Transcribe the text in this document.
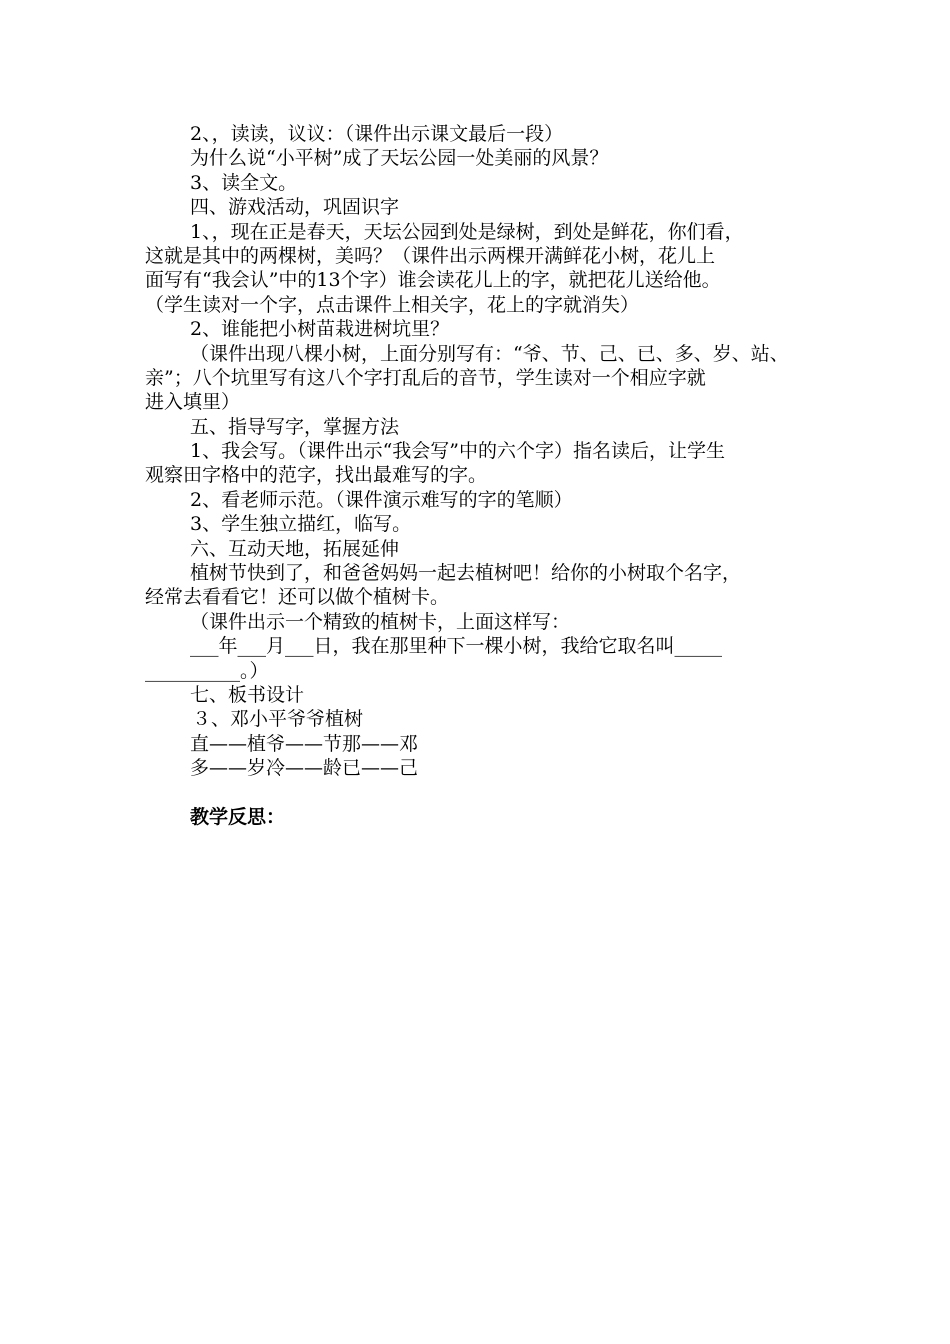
2、，读读，议议：（课件出示课文最后一段）
为什么说“小平树”成了天坛公园一处美丽的风景？
3、读全文。
四、游戏活动，巩固识字
1、，现在正是春天，天坛公园到处是绿树，到处是鲜花，你们看，
这就是其中的两棵树，美吗？（课件出示两棵开满鲜花小树，花儿上
面写有“我会认”中的13个字）谁会读花儿上的字，就把花儿送给他。
（学生读对一个字，点击课件上相关字，花上的字就消失）
2、谁能把小树苗栽进树坑里？
（课件出现八棵小树，上面分别写有：“爷、节、己、已、多、岁、站、
亲”；八个坑里写有这八个字打乱后的音节，学生读对一个相应字就
进入填里）
五、指导写字，掌握方法
1、我会写。（课件出示“我会写”中的六个字）指名读后，让学生
观察田字格中的范字，找出最难写的字。
2、看老师示范。（课件演示难写的字的笔顺）
3、学生独立描红，临写。
六、互动天地，拓展延伸
植树节快到了，和爸爸妈妈一起去植树吧！给你的小树取个名字，
经常去看看它！还可以做个植树卡。
（课件出示一个精致的植树卡，上面这样写：
___年___月___日，我在那里种下一棵小树，我给它取名叫_____
__________。）
七、板书设计
３、邓小平爷爷植树
直——植爷——节那——邓
多——岁冷——龄已——己
教学反思：
